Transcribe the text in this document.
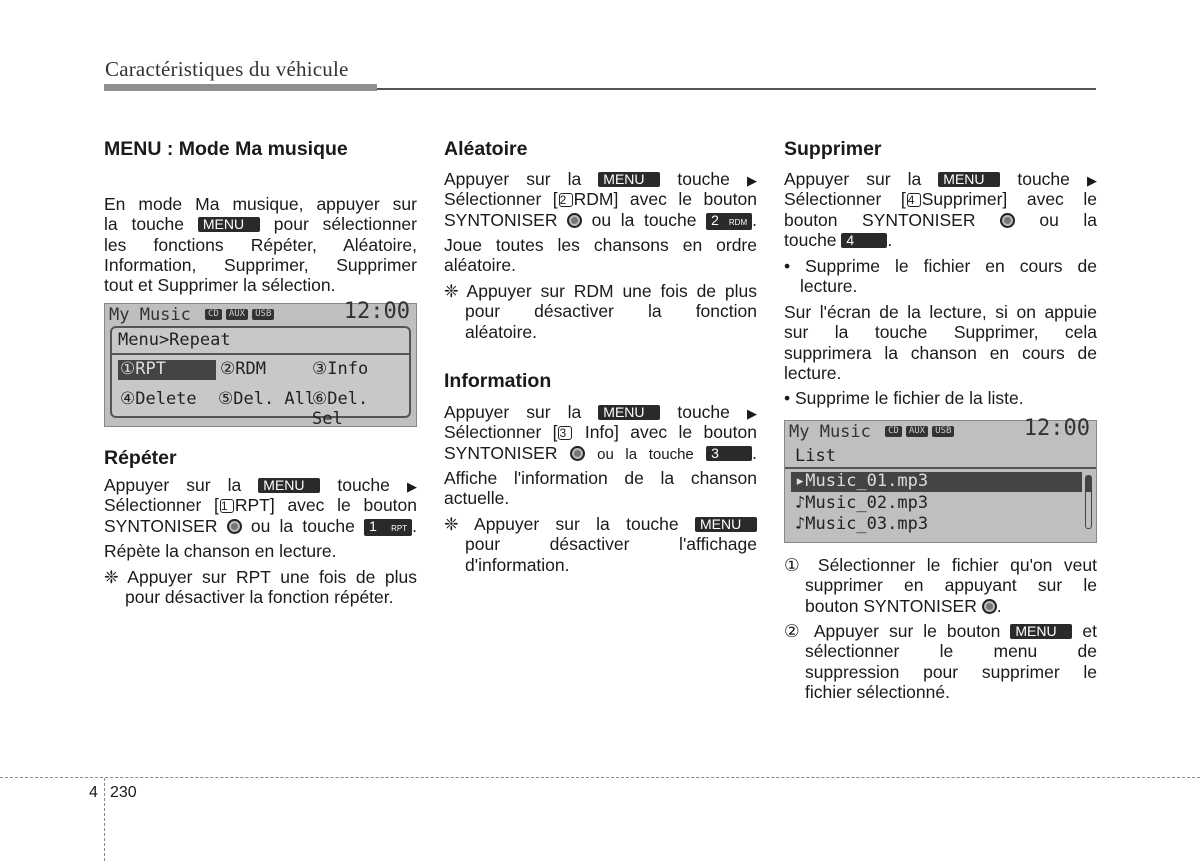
Caractéristiques du véhicule
MENU : Mode Ma musique
En mode Ma musique, appuyer sur
la touche MENU pour sélectionner
les fonctions Répéter, Aléatoire,
Information, Supprimer, Supprimer
tout et Supprimer la sélection.
My Music	CD AUX USB	12:00
Menu>Repeat
①RPT	②RDM	③Info
④Delete ⑤Del. All
⑥Del. Sel
Répéter
Appuyer sur la MENU touche ▶
Sélectionner [ 1 RPT] avec le bouton
SYNTONISER ou la touche 1 RPT .
Répète la chanson en lecture.
❈ Appuyer sur RPT une fois de plus
pour désactiver la fonction répéter.
Aléatoire
Appuyer sur la MENU touche ▶
Sélectionner [ 2 RDM] avec le bouton
SYNTONISER ou la touche 2 RDM .
Joue toutes les chansons en ordre
aléatoire.
❈ Appuyer sur RDM une fois de plus
pour désactiver la fonction
aléatoire.
Information
Appuyer sur la MENU touche ▶
Sélectionner [ 3 Info] avec le bouton
SYNTONISER	ou la touche 3 .
Affiche l'information de la chanson
actuelle.
❈ Appuyer sur la touche MENU
pour désactiver l'affichage
d'information.
Supprimer
Appuyer sur la MENU touche ▶
Sélectionner [ 4 Supprimer] avec le
bouton SYNTONISER	ou la
touche 4 .
• Supprime le fichier en cours de
lecture.
Sur l'écran de la lecture, si on appuie
sur la touche Supprimer, cela
supprimera la chanson en cours de
lecture.
• Supprime le fichier de la liste.
My Music	CD AUX USB	12:00
List
▸Music_01.mp3
♪Music_02.mp3
♪Music_03.mp3
① Sélectionner le fichier qu'on veut
supprimer en appuyant sur le
bouton SYNTONISER .
② Appuyer sur le bouton MENU et
sélectionner le menu de
suppression pour supprimer le
fichier sélectionné.
4 230
